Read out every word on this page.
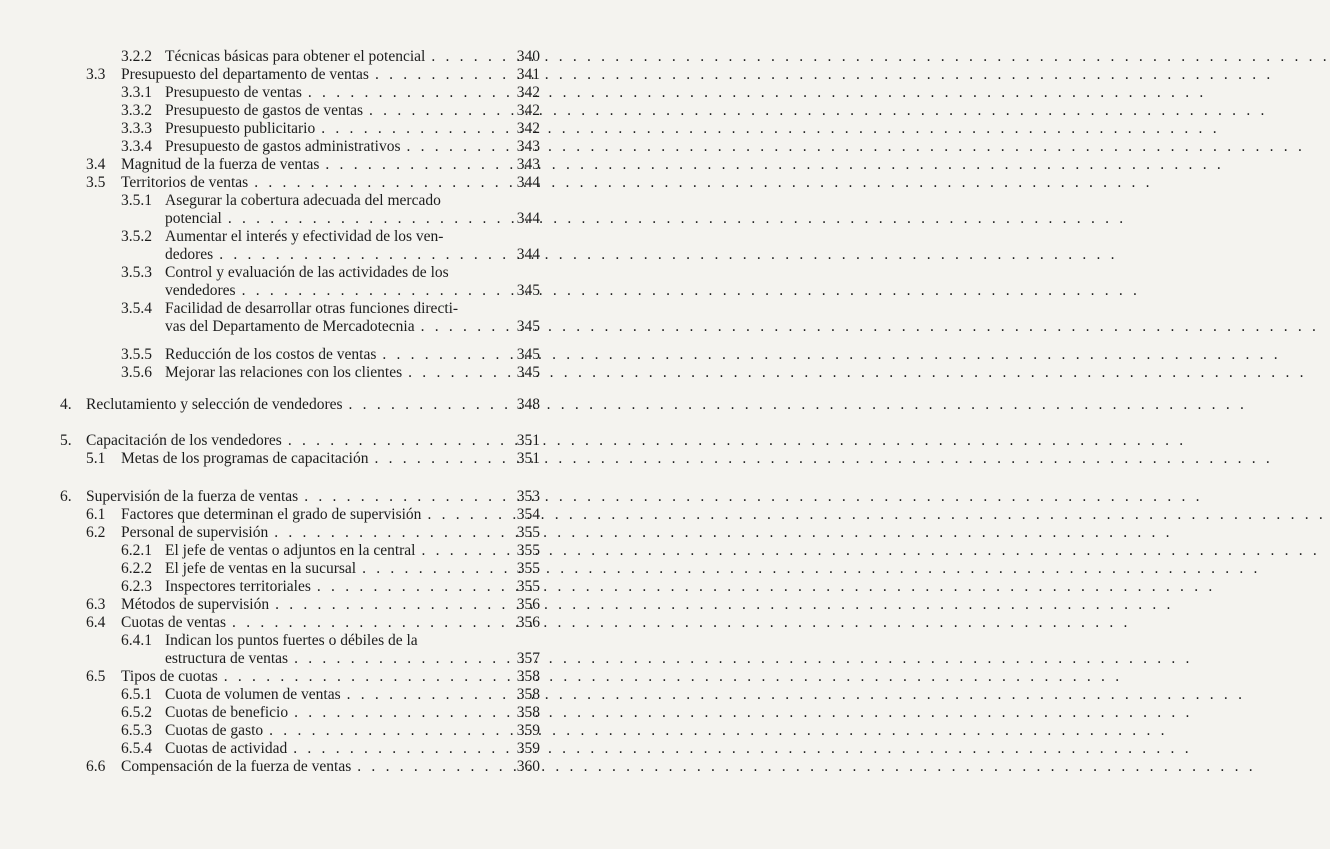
3.2.2 Técnicas básicas para obtener el potencial . . .	340
3.3	Presupuesto del departamento de ventas . . .	341
3.3.1 Presupuesto de ventas . . .	342
3.3.2 Presupuesto de gastos de ventas . . .	342
3.3.3 Presupuesto publicitario . . .	342
3.3.4 Presupuesto de gastos administrativos . . .	343
3.4	Magnitud de la fuerza de ventas . . .	343
3.5	Territorios de ventas . . .	344
3.5.1 Asegurar la cobertura adecuada del mercado
potencial . . .	344
3.5.2 Aumentar el interés y efectividad de los ven-
dedores . . .	344
3.5.3 Control y evaluación de las actividades de los
vendedores . . .	345
3.5.4 Facilidad de desarrollar otras funciones directi-
vas del Departamento de Mercadotecnia . . .	345
3.5.5 Reducción de los costos de ventas . . .	345
3.5.6 Mejorar las relaciones con los clientes . . .	345
4. Reclutamiento y selección de vendedores . . .	348
5. Capacitación de los vendedores . . .	351
5.1	Metas de los programas de capacitación . . .	351
6. Supervisión de la fuerza de ventas . . .	353
6.1	Factores que determinan el grado de supervisión . . .	354
6.2	Personal de supervisión . . .	355
6.2.1 El jefe de ventas o adjuntos en la central . . .	355
6.2.2 El jefe de ventas en la sucursal . . .	355
6.2.3 Inspectores territoriales . . .	355
6.3	Métodos de supervisión . . .	356
6.4	Cuotas de ventas . . .	356
6.4.1 Indican los puntos fuertes o débiles de la
estructura de ventas . . .	357
6.5	Tipos de cuotas . . .	358
6.5.1 Cuota de volumen de ventas . . .	358
6.5.2 Cuotas de beneficio . . .	358
6.5.3 Cuotas de gasto . . .	359
6.5.4 Cuotas de actividad . . .	359
6.6	Compensación de la fuerza de ventas . . .	360
